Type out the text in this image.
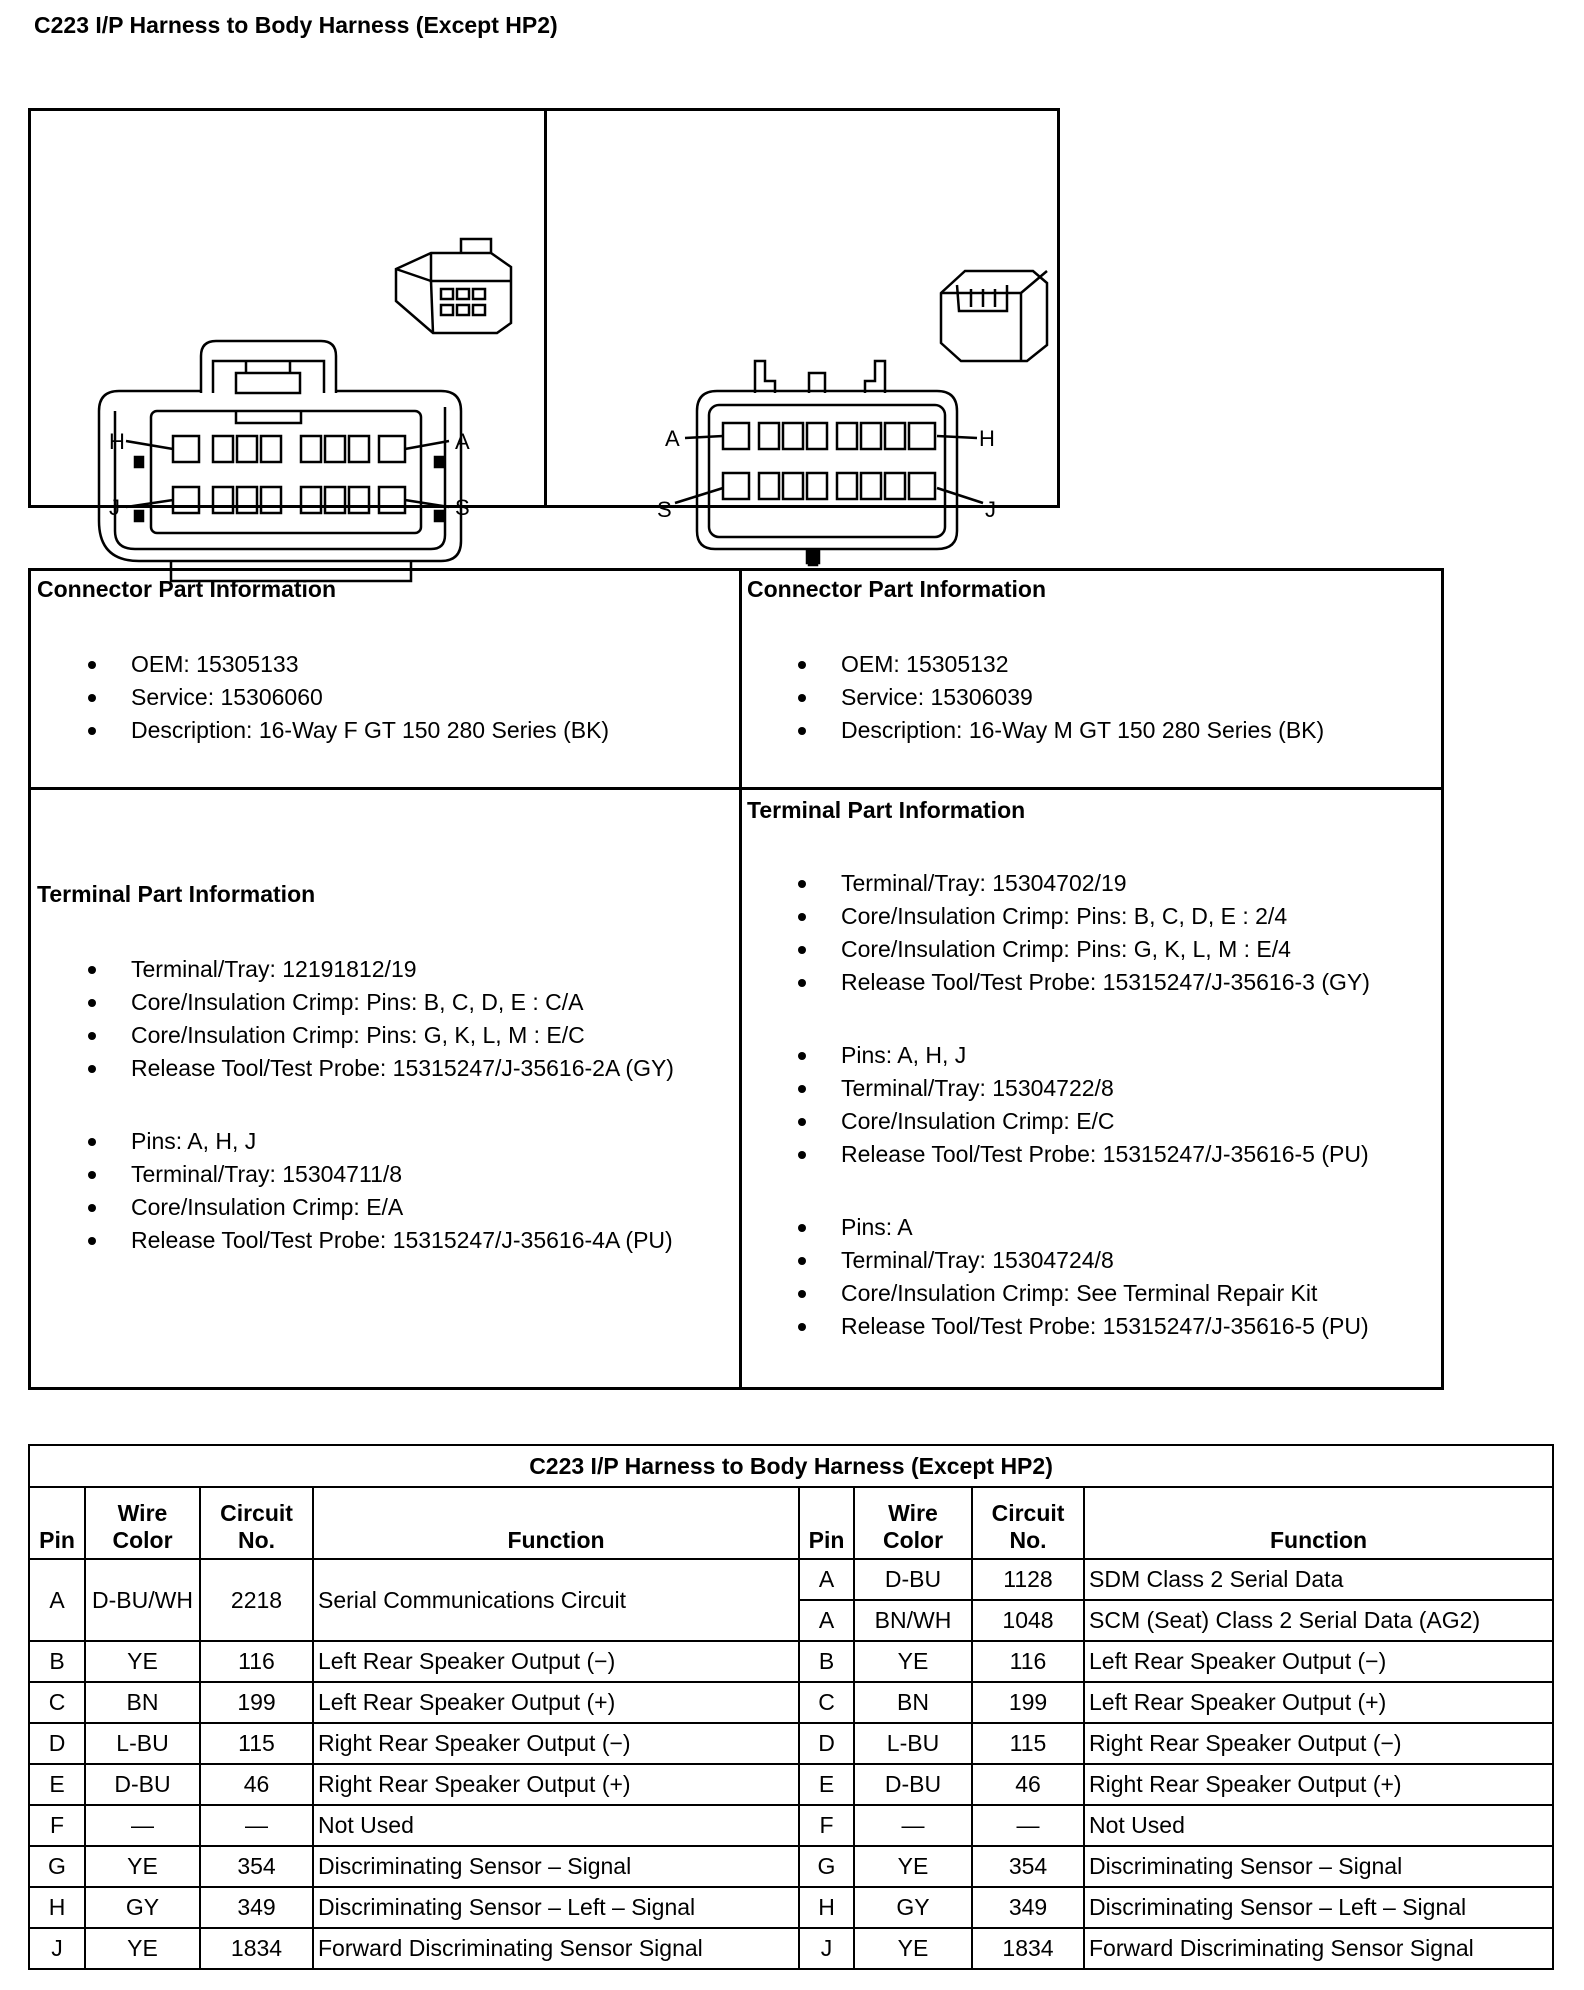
C223 I/P Harness to Body Harness (Except HP2)
H
J
A
S
A
S
H
J
Connector Part Information
OEM: 15305133
Service: 15306060
Description: 16-Way F GT 150 280 Series (BK)
Connector Part Information
OEM: 15305132
Service: 15306039
Description: 16-Way M GT 150 280 Series (BK)
Terminal Part Information
Terminal/Tray: 12191812/19
Core/Insulation Crimp: Pins: B, C, D, E : C/A
Core/Insulation Crimp: Pins: G, K, L, M : E/C
Release Tool/Test Probe: 15315247/J-35616-2A (GY)
Pins: A, H, J
Terminal/Tray: 15304711/8
Core/Insulation Crimp: E/A
Release Tool/Test Probe: 15315247/J-35616-4A (PU)
Terminal Part Information
Terminal/Tray: 15304702/19
Core/Insulation Crimp: Pins: B, C, D, E : 2/4
Core/Insulation Crimp: Pins: G, K, L, M : E/4
Release Tool/Test Probe: 15315247/J-35616-3 (GY)
Pins: A, H, J
Terminal/Tray: 15304722/8
Core/Insulation Crimp: E/C
Release Tool/Test Probe: 15315247/J-35616-5 (PU)
Pins: A
Terminal/Tray: 15304724/8
Core/Insulation Crimp: See Terminal Repair Kit
Release Tool/Test Probe: 15315247/J-35616-5 (PU)
C223 I/P Harness to Body Harness (Except HP2)							
Pin	Wire Color	Circuit No.	Function	Pin	Wire Color	Circuit No.	Function
A	D-BU/WH	2218	Serial Communications Circuit	A	D-BU	1128	SDM Class 2 Serial Data
				A	BN/WH	1048	SCM (Seat) Class 2 Serial Data (AG2)
B	YE	116	Left Rear Speaker Output (−)	B	YE	116	Left Rear Speaker Output (−)
C	BN	199	Left Rear Speaker Output (+)	C	BN	199	Left Rear Speaker Output (+)
D	L-BU	115	Right Rear Speaker Output (−)	D	L-BU	115	Right Rear Speaker Output (−)
E	D-BU	46	Right Rear Speaker Output (+)	E	D-BU	46	Right Rear Speaker Output (+)
F	—	—	Not Used	F	—	—	Not Used
G	YE	354	Discriminating Sensor – Signal	G	YE	354	Discriminating Sensor – Signal
H	GY	349	Discriminating Sensor – Left – Signal	H	GY	349	Discriminating Sensor – Left – Signal
J	YE	1834	Forward Discriminating Sensor Signal	J	YE	1834	Forward Discriminating Sensor Signal
